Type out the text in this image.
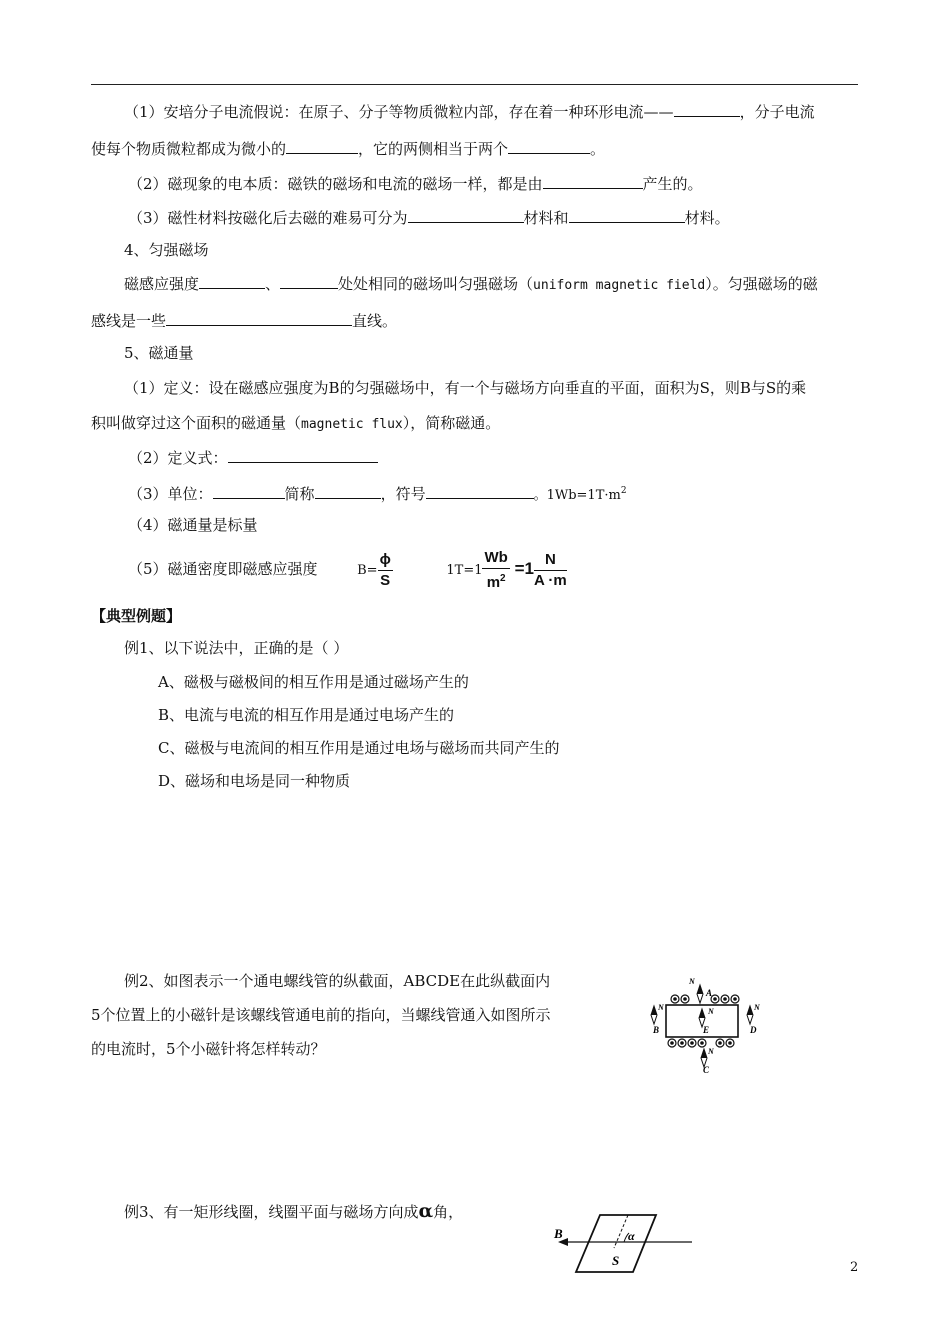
（1）安培分子电流假说：在原子、分子等物质微粒内部，存在着一种环形电流——	，分子电流
使每个物质微粒都成为微小的	，它的两侧相当于两个	。
（2）磁现象的电本质：磁铁的磁场和电流的磁场一样，都是由	产生的。
（3）磁性材料按磁化后去磁的难易可分为	材料和	材料。
4、匀强磁场
磁感应强度	、	处处相同的磁场叫匀强磁场（uniform magnetic field）。匀强磁场的磁
感线是一些	直线。
5、磁通量
（1）定义：设在磁感应强度为B的匀强磁场中，有一个与磁场方向垂直的平面，面积为S，则B与S的乘
积叫做穿过这个面积的磁通量（magnetic flux），简称磁通。
（2）定义式：
（3）单位：	简称	，符号	。$1Wb=1T\cdot m^2$
（4）磁通量是标量
（5）磁通密度即磁感应强度	$B= \frac{\phi}{S}$	$1T=1 \frac{Wb}{m^2} =1 \frac{N}{A \cdot m}$
【典型例题】
例1、以下说法中，正确的是（ ）
A、磁极与磁极间的相互作用是通过磁场产生的
B、电流与电流的相互作用是通过电场产生的
C、磁极与电流间的相互作用是通过电场与磁场而共同产生的
D、磁场和电场是同一种物质
例2、如图表示一个通电螺线管的纵截面，ABCDE在此纵截面内
5个位置上的小磁针是该螺线管通电前的指向，当螺线管通入如图所示
的电流时，5个小磁针将怎样转动？
N
A
N
E
N
B
N
D
N
C
例3、有一矩形线圈，线圈平面与磁场方向成α角，
B	α
S	2
